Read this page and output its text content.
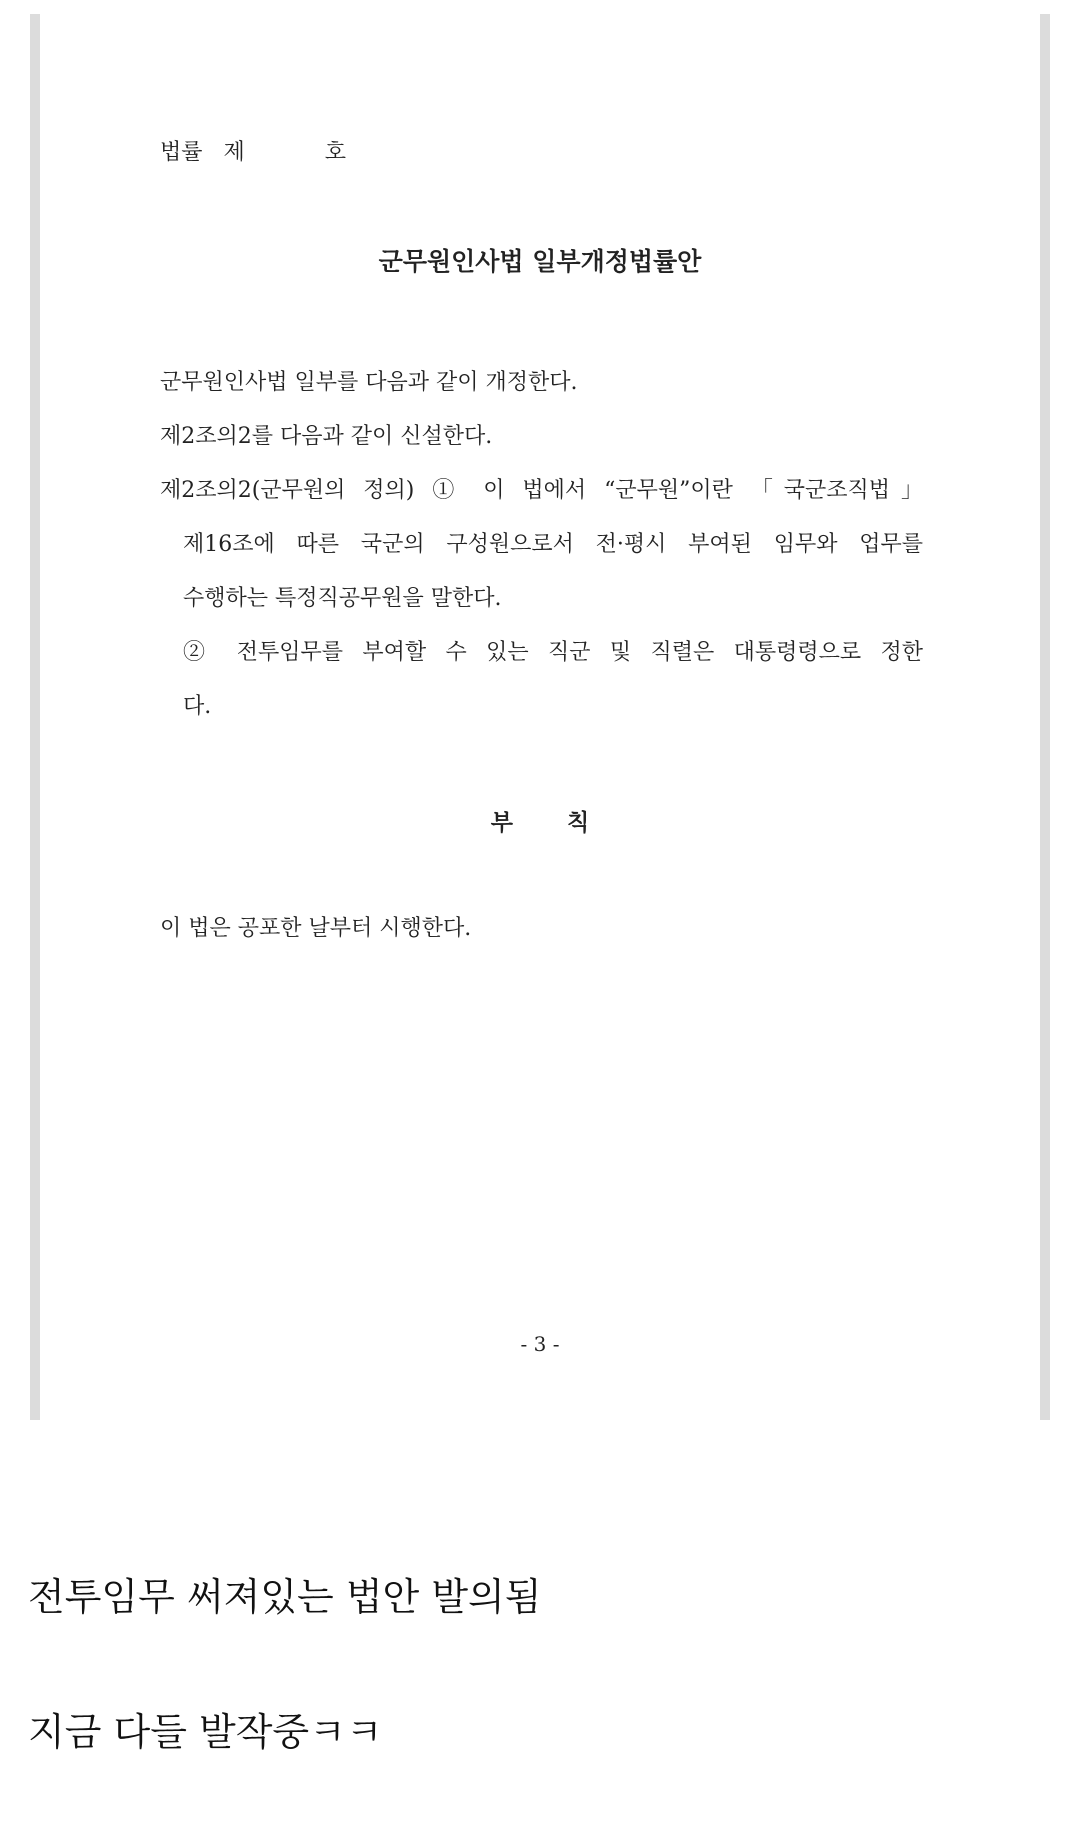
법률 제	호
군무원인사법 일부개정법률안
군무원인사법 일부를 다음과 같이 개정한다.
제2조의2를 다음과 같이 신설한다.
제2조의2(군무원의 정의) ① 이 법에서 “군무원”이란 「국군조직법」
제16조에 따른 국군의 구성원으로서 전·평시 부여된 임무와 업무를
수행하는 특정직공무원을 말한다.
② 전투임무를 부여할 수 있는 직군 및 직렬은 대통령령으로 정한
다.
부칙
이 법은 공포한 날부터 시행한다.
- 3 -
전투임무 써져있는 법안 발의됨
지금 다들 발작중ㅋㅋ
